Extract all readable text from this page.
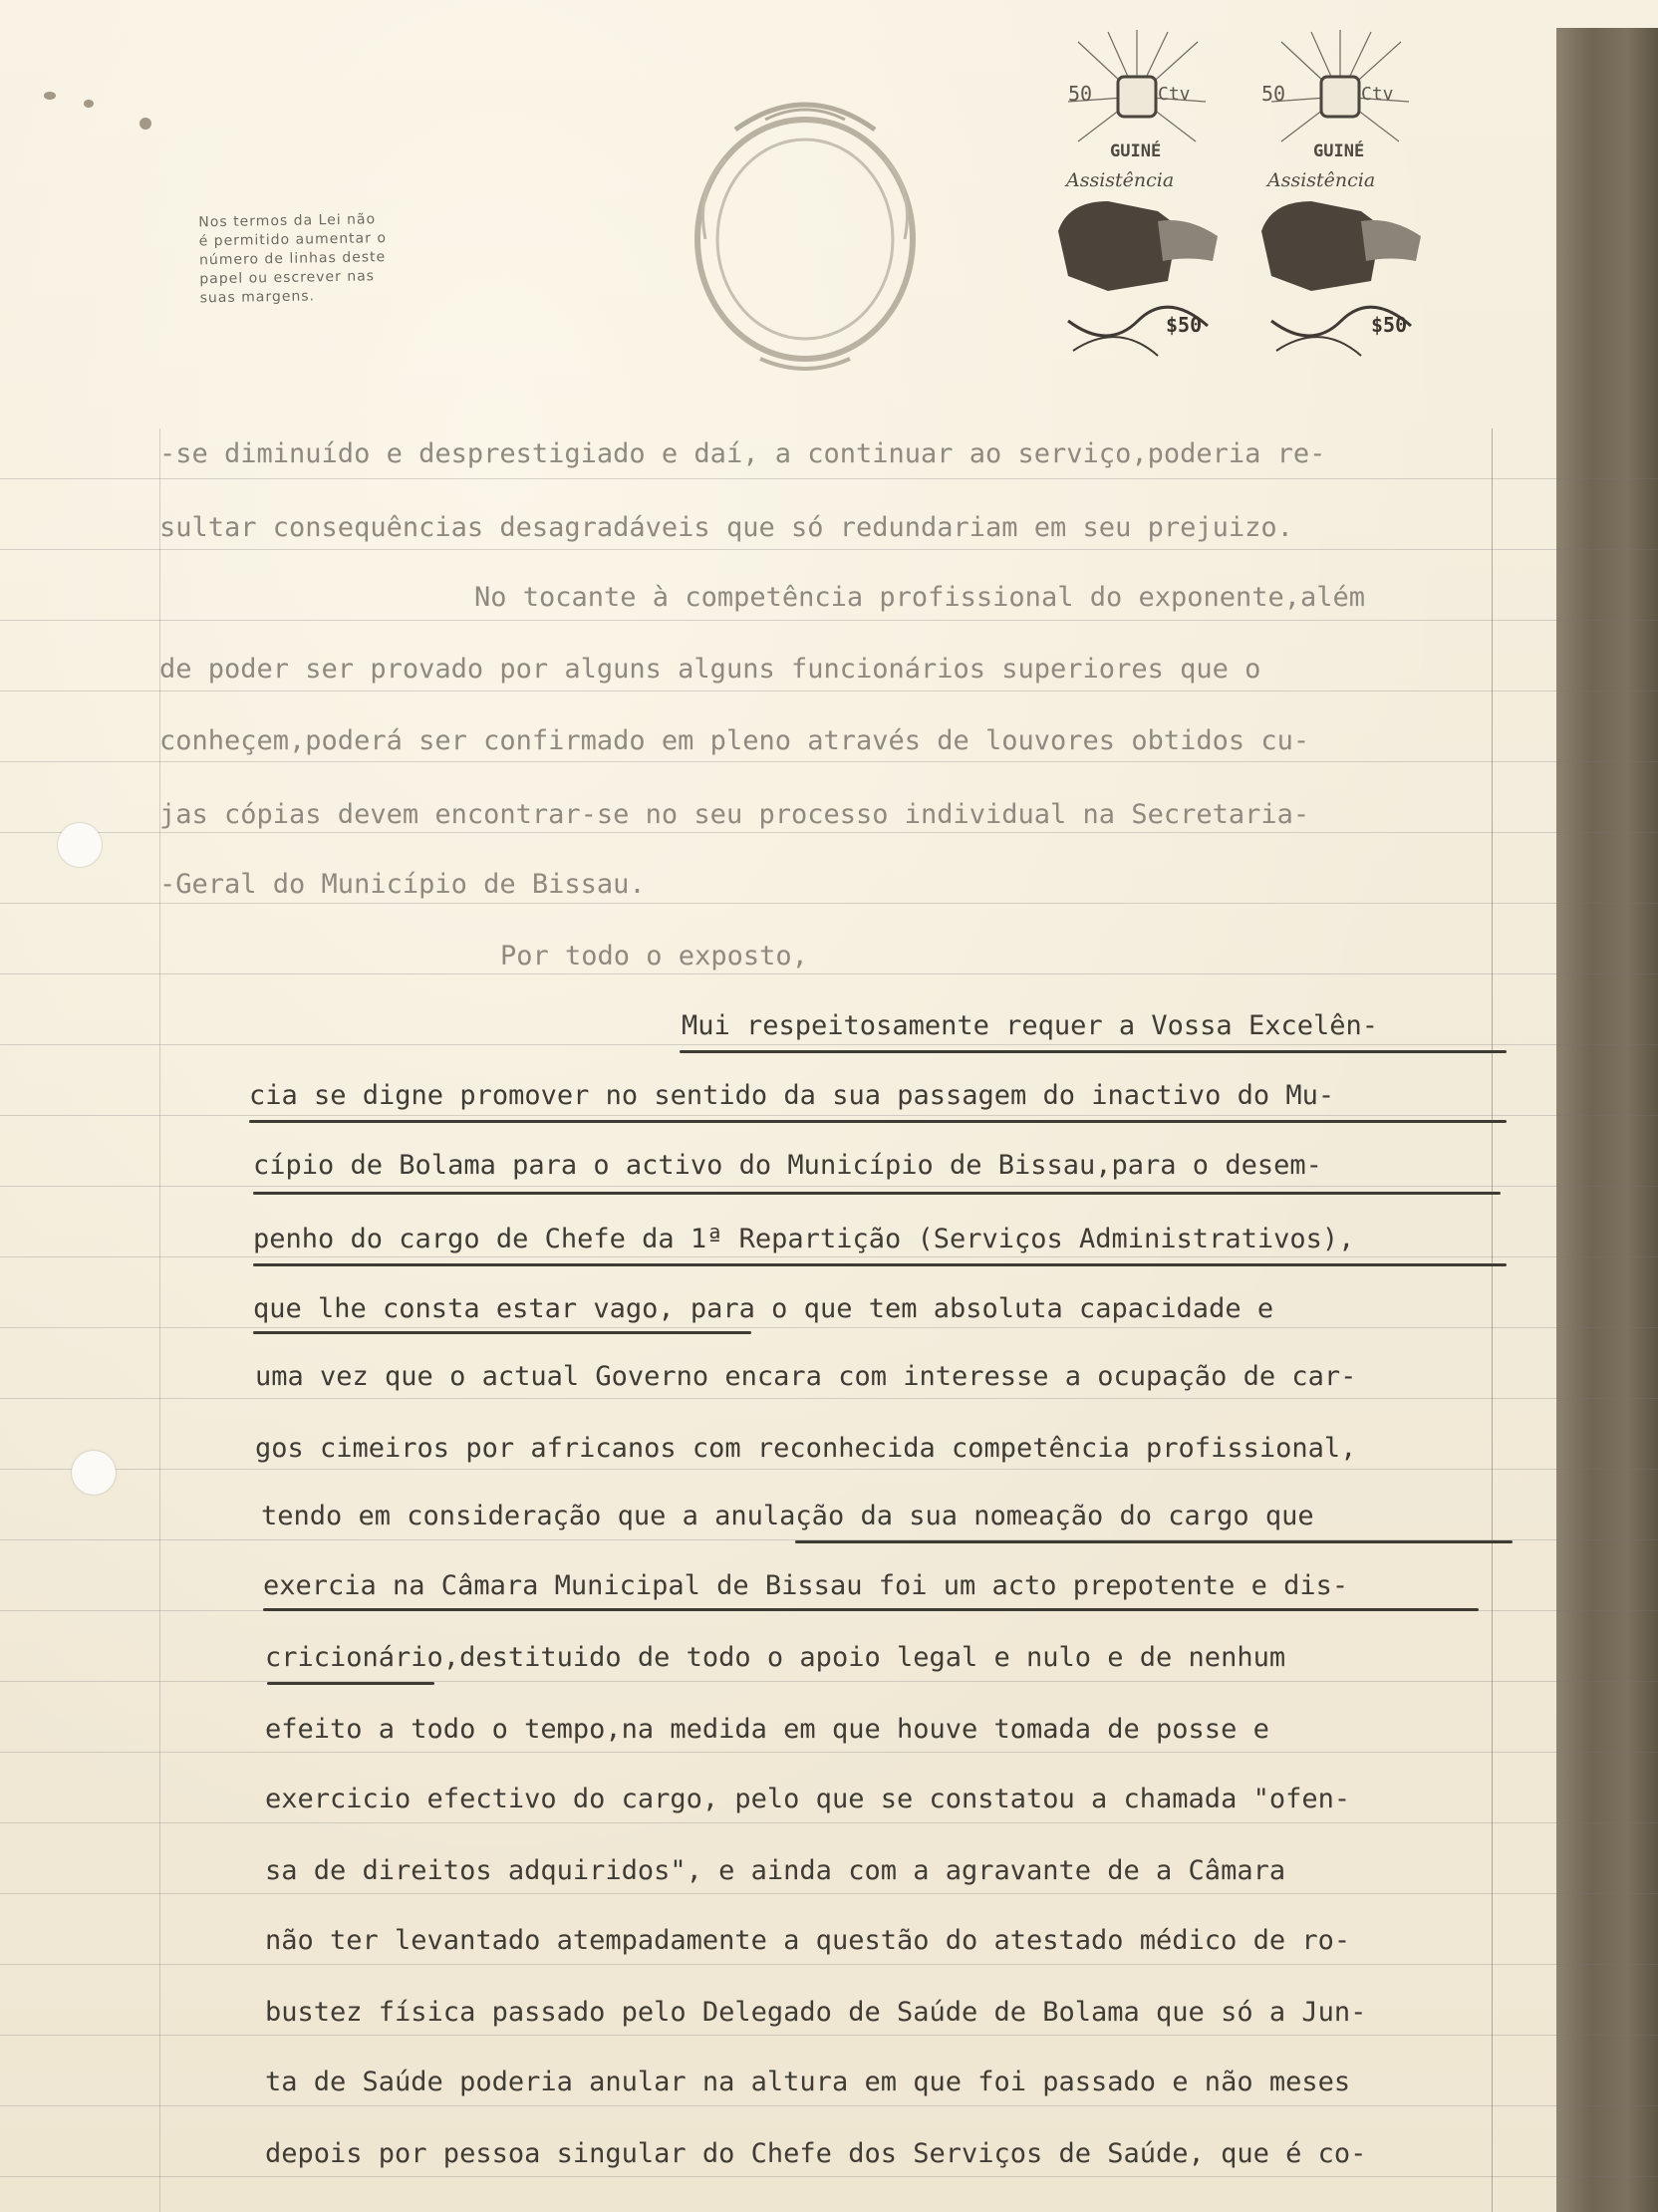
Nos termos da Lei não
é permitido aumentar o
número de linhas deste
papel ou escrever nas
suas margens.
50	Ctv
GUINÉ
Assistência
$50
50	Ctv
GUINÉ
Assistência
$50
-se diminuído e desprestigiado e daí, a continuar ao serviço,poderia re-
sultar consequências desagradáveis que só redundariam em seu prejuizo.
No tocante à competência profissional do exponente,além
de poder ser provado por alguns alguns funcionários superiores que o
conheçem,poderá ser confirmado em pleno através de louvores obtidos cu-
jas cópias devem encontrar-se no seu processo individual na Secretaria-
-Geral do Município de Bissau.
Por todo o exposto,
Mui respeitosamente requer a Vossa Excelên-
cia se digne promover no sentido da sua passagem do inactivo do Mu-
cípio de Bolama para o activo do Município de Bissau,para o desem-
penho do cargo de Chefe da 1ª Repartição (Serviços Administrativos),
que lhe consta estar vago, para o que tem absoluta capacidade e
uma vez que o actual Governo encara com interesse a ocupação de car-
gos cimeiros por africanos com reconhecida competência profissional,
tendo em consideração que a anulação da sua nomeação do cargo que
exercia na Câmara Municipal de Bissau foi um acto prepotente e dis-
cricionário,destituido de todo o apoio legal e nulo e de nenhum
efeito a todo o tempo,na medida em que houve tomada de posse e
exercicio efectivo do cargo, pelo que se constatou a chamada "ofen-
sa de direitos adquiridos", e ainda com a agravante de a Câmara
não ter levantado atempadamente a questão do atestado médico de ro-
bustez física passado pelo Delegado de Saúde de Bolama que só a Jun-
ta de Saúde poderia anular na altura em que foi passado e não meses
depois por pessoa singular do Chefe dos Serviços de Saúde, que é co-
